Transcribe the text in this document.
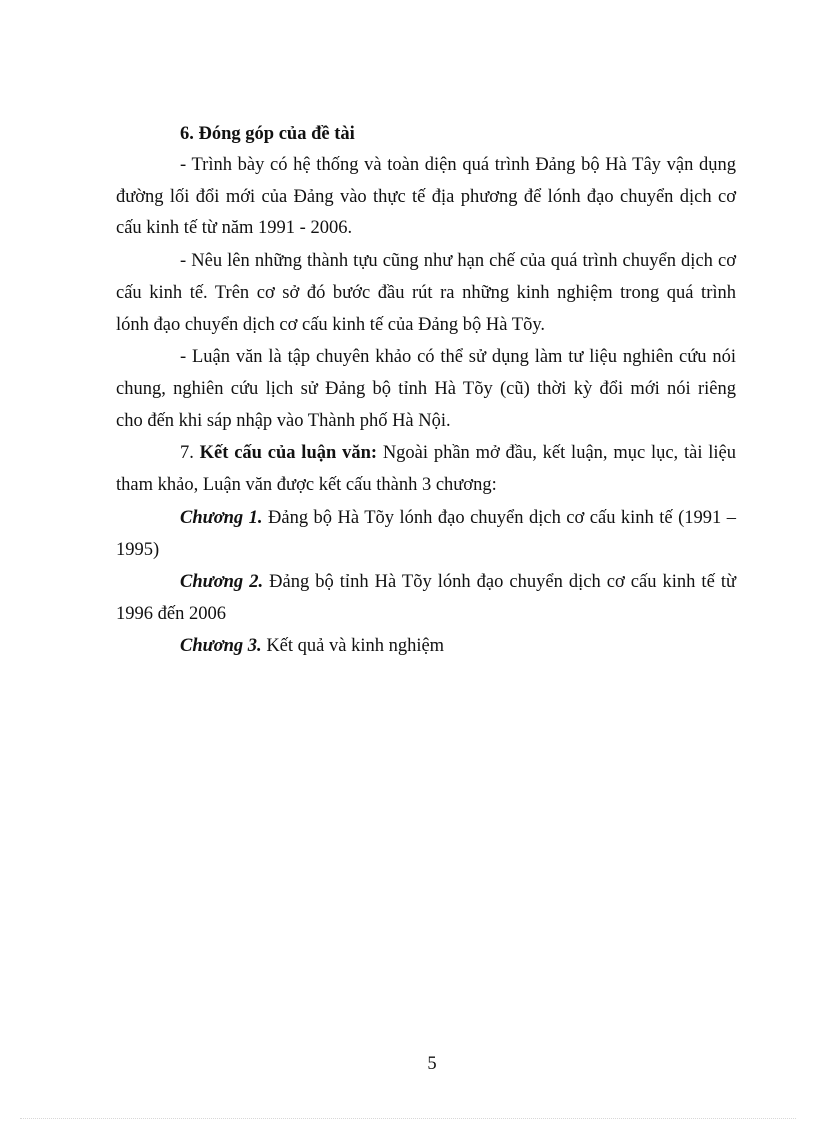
6. Đóng góp của đề tài
- Trình bày có hệ thống và toàn diện quá trình Đảng bộ Hà Tây vận dụng
đường lối đổi mới của Đảng vào thực tế địa phương để lónh đạo chuyển dịch cơ
cấu kinh tế từ năm 1991 - 2006.
- Nêu lên những thành tựu cũng như hạn chế của quá trình chuyển dịch cơ
cấu kinh tế. Trên cơ sở đó bước đầu rút ra những kinh nghiệm trong quá trình
lónh đạo chuyển dịch cơ cấu kinh tế của Đảng bộ Hà Tõy.
- Luận văn là tập chuyên khảo có thể sử dụng làm tư liệu nghiên cứu nói
chung, nghiên cứu lịch sử Đảng bộ tỉnh Hà Tõy (cũ) thời kỳ đổi mới nói riêng
cho đến khi sáp nhập vào Thành phố Hà Nội.
7. Kết cấu của luận văn: Ngoài phần mở đầu, kết luận, mục lục, tài liệu
tham khảo, Luận văn được kết cấu thành 3 chương:
Chương 1. Đảng bộ Hà Tõy lónh đạo chuyển dịch cơ cấu kinh tế (1991 –
1995)
Chương 2. Đảng bộ tỉnh Hà Tõy lónh đạo chuyển dịch cơ cấu kinh tế từ
1996 đến 2006
Chương 3. Kết quả và kinh nghiệm
5
